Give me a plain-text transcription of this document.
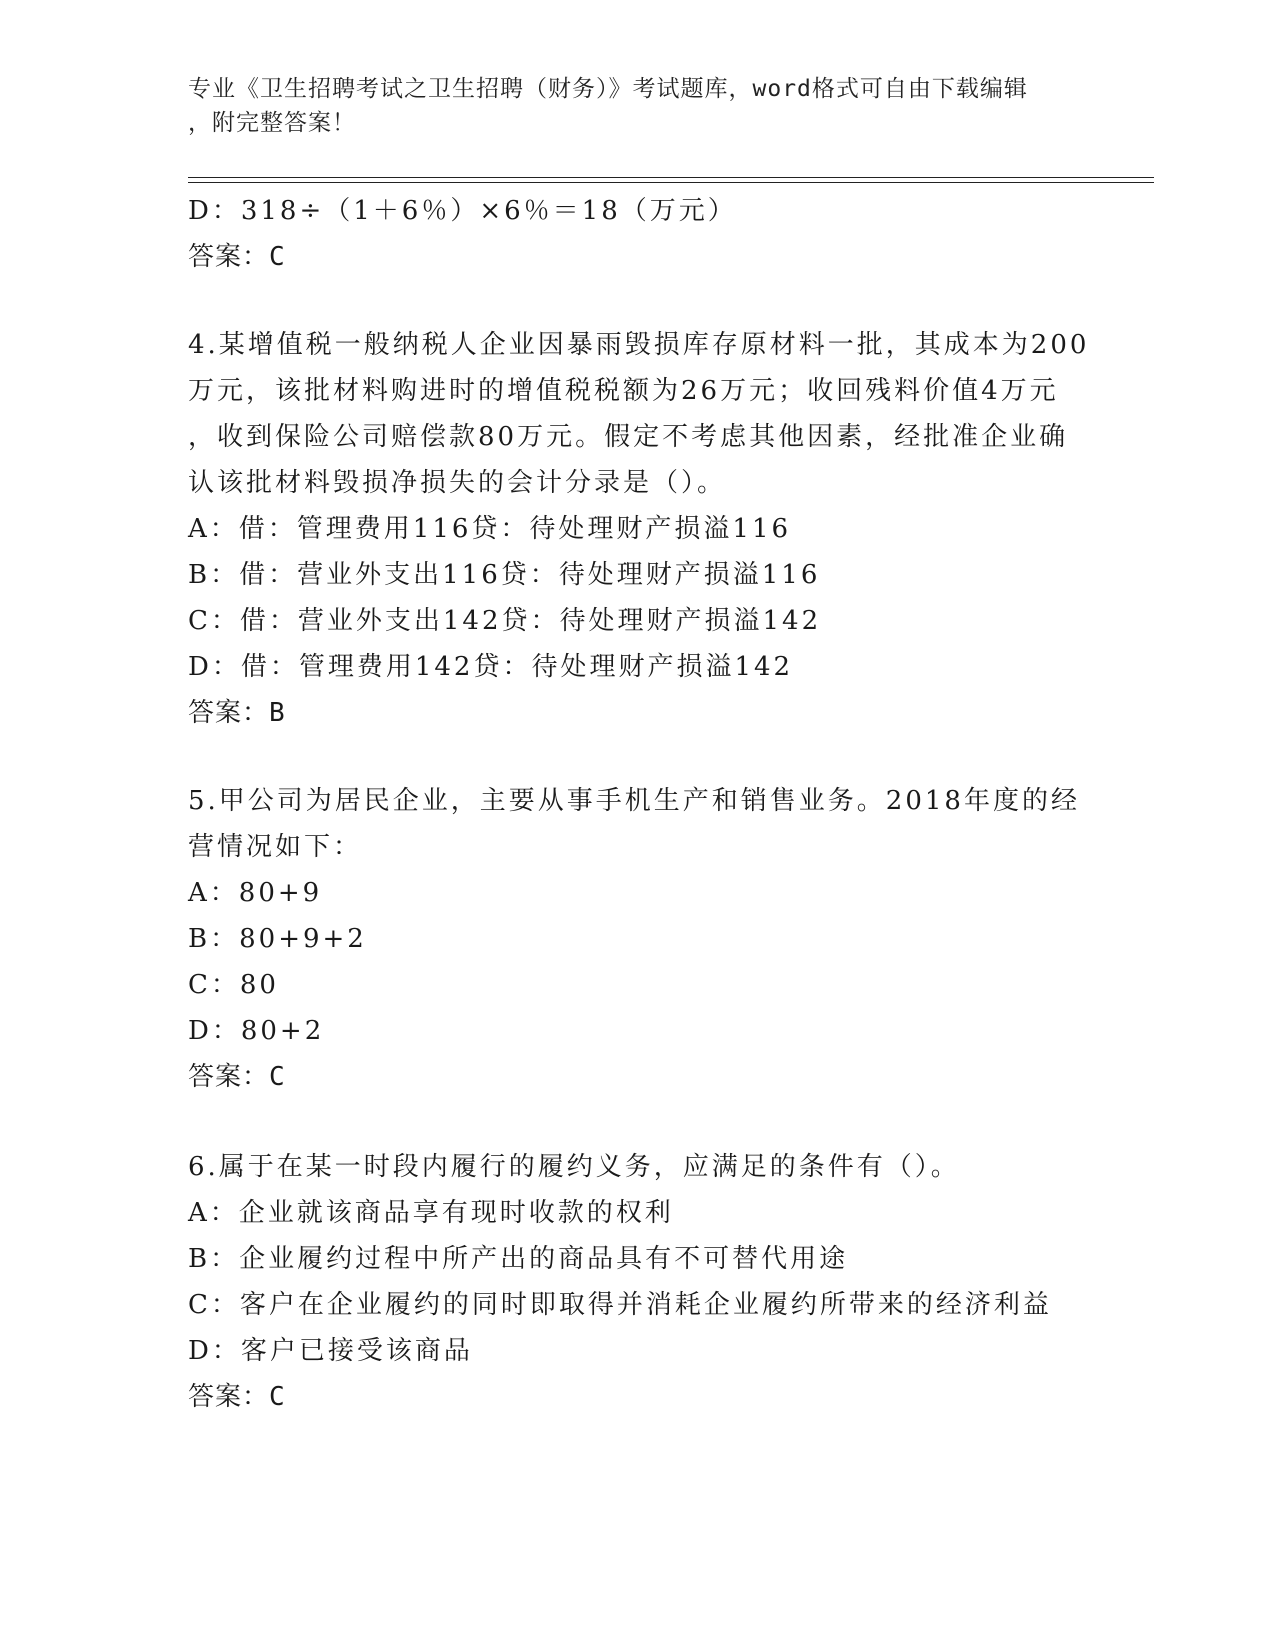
专业《卫生招聘考试之卫生招聘（财务）》考试题库，word格式可自由下载编辑
，附完整答案！
D：318÷（1＋6％）×6％＝18（万元）
答案：C
4.某增值税一般纳税人企业因暴雨毁损库存原材料一批，其成本为200
万元，该批材料购进时的增值税税额为26万元；收回残料价值4万元
，收到保险公司赔偿款80万元。假定不考虑其他因素，经批准企业确
认该批材料毁损净损失的会计分录是（）。
A：借：管理费用116贷：待处理财产损溢116
B：借：营业外支出116贷：待处理财产损溢116
C：借：营业外支出142贷：待处理财产损溢142
D：借：管理费用142贷：待处理财产损溢142
答案：B
5.甲公司为居民企业，主要从事手机生产和销售业务。2018年度的经
营情况如下：
A：80+9
B：80+9+2
C：80
D：80+2
答案：C
6.属于在某一时段内履行的履约义务，应满足的条件有（）。
A：企业就该商品享有现时收款的权利
B：企业履约过程中所产出的商品具有不可替代用途
C：客户在企业履约的同时即取得并消耗企业履约所带来的经济利益
D：客户已接受该商品
答案：C
